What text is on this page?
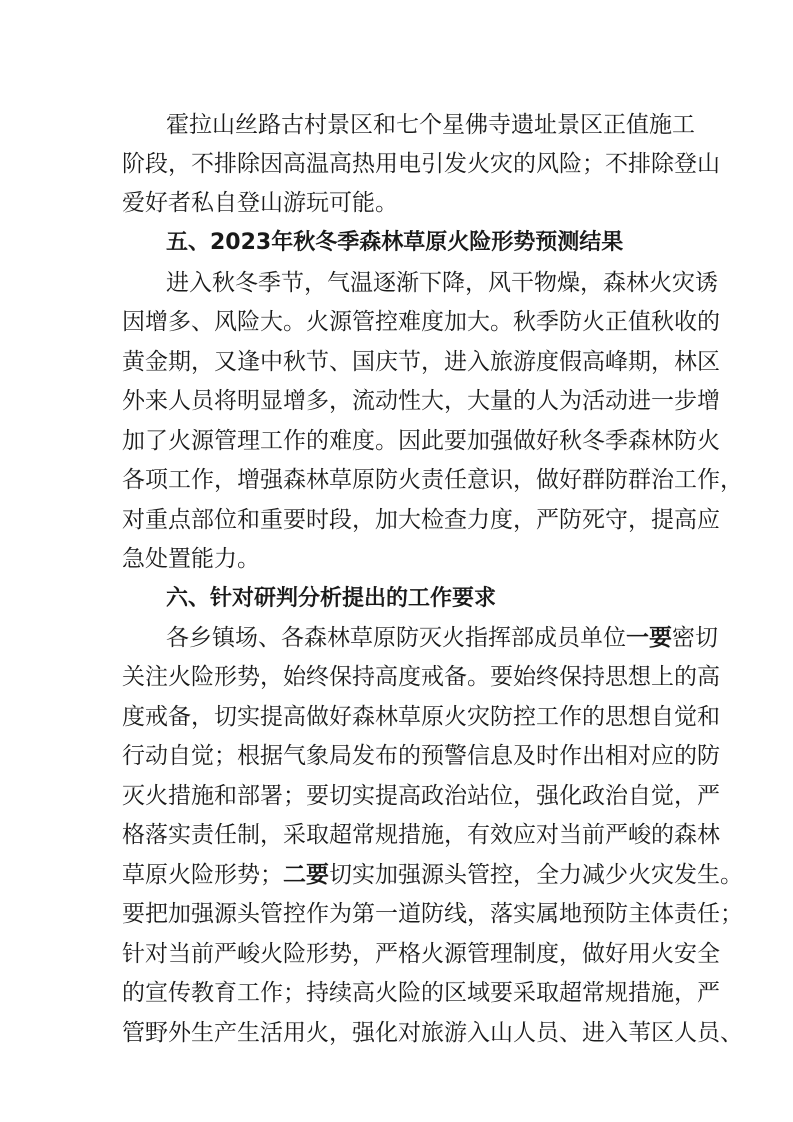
霍拉山丝路古村景区和七个星佛寺遗址景区正值施工
阶段，不排除因高温高热用电引发火灾的风险；不排除登山
爱好者私自登山游玩可能。
五、2023年秋冬季森林草原火险形势预测结果
进入秋冬季节，气温逐渐下降，风干物燥，森林火灾诱
因增多、风险大。火源管控难度加大。秋季防火正值秋收的
黄金期，又逢中秋节、国庆节，进入旅游度假高峰期，林区
外来人员将明显增多，流动性大，大量的人为活动进一步增
加了火源管理工作的难度。因此要加强做好秋冬季森林防火
各项工作，增强森林草原防火责任意识，做好群防群治工作，
对重点部位和重要时段，加大检查力度，严防死守，提高应
急处置能力。
六、针对研判分析提出的工作要求
各乡镇场、各森林草原防灭火指挥部成员单位一要密切
关注火险形势，始终保持高度戒备。要始终保持思想上的高
度戒备，切实提高做好森林草原火灾防控工作的思想自觉和
行动自觉；根据气象局发布的预警信息及时作出相对应的防
灭火措施和部署；要切实提高政治站位，强化政治自觉，严
格落实责任制，采取超常规措施，有效应对当前严峻的森林
草原火险形势；二要切实加强源头管控，全力减少火灾发生。
要把加强源头管控作为第一道防线，落实属地预防主体责任；
针对当前严峻火险形势，严格火源管理制度，做好用火安全
的宣传教育工作；持续高火险的区域要采取超常规措施，严
管野外生产生活用火，强化对旅游入山人员、进入苇区人员、
